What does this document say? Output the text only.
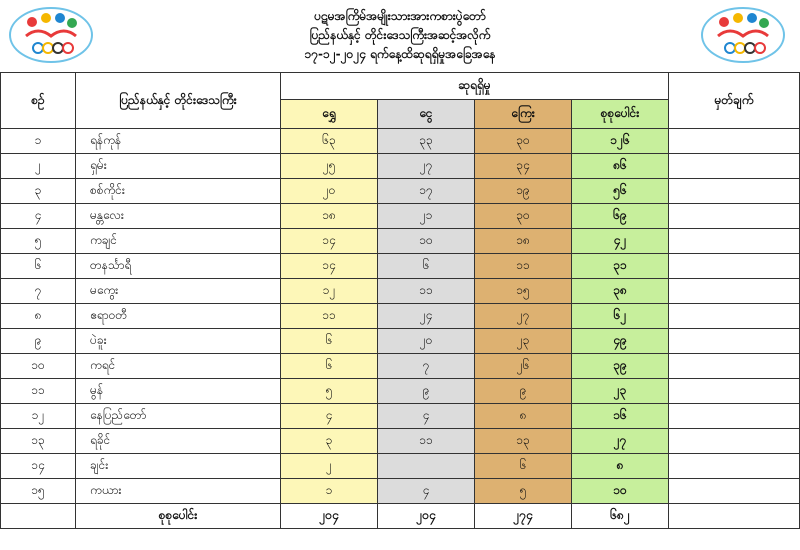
ပဋမအကြိမ်အမျိုးသားအားကစားပွဲတော်
ပြည်နယ်နှင့် တိုင်းဒေသကြီးအဆင့်အလိုက်
၁၇-၁၂-၂၀၂၄ ရက်နေ့ထိဆုရရှိမှုအခြေအနေ
စဉ်	ပြည်နယ်နှင့် တိုင်းဒေသကြီး	ဆုရရှိမှု				မှတ်ချက်
		ရွှေ	ငွေ	ကြေး	စုစုပေါင်း	
၁	ရန်ကုန်	၆၃	၃၃	၃၀	၁၂၆	
၂	ရှမ်း	၂၅	၂၇	၃၄	၈၆	
၃	စစ်ကိုင်း	၂၀	၁၇	၁၉	၅၆	
၄	မန္တလေး	၁၈	၂၁	၃၀	၆၉	
၅	ကချင်	၁၄	၁၀	၁၈	၄၂	
၆	တနင်္သာရီ	၁၄	၆	၁၁	၃၁	
၇	မကွေး	၁၂	၁၁	၁၅	၃၈	
၈	ဧရာဝတီ	၁၁	၂၄	၂၇	၆၂	
၉	ပဲခူး	၆	၂၀	၂၃	၄၉	
၁၀	ကရင်	၆	၇	၂၆	၃၉	
၁၁	မွန်	၅	၉	၉	၂၃	
၁၂	နေပြည်တော်	၄	၄	၈	၁၆	
၁၃	ရခိုင်	၃	၁၁	၁၃	၂၇	
၁၄	ချင်း	၂		၆	၈	
၁၅	ကယား	၁	၄	၅	၁၀	
	စုစုပေါင်း	၂၀၄	၂၀၄	၂၇၄	၆၈၂	
